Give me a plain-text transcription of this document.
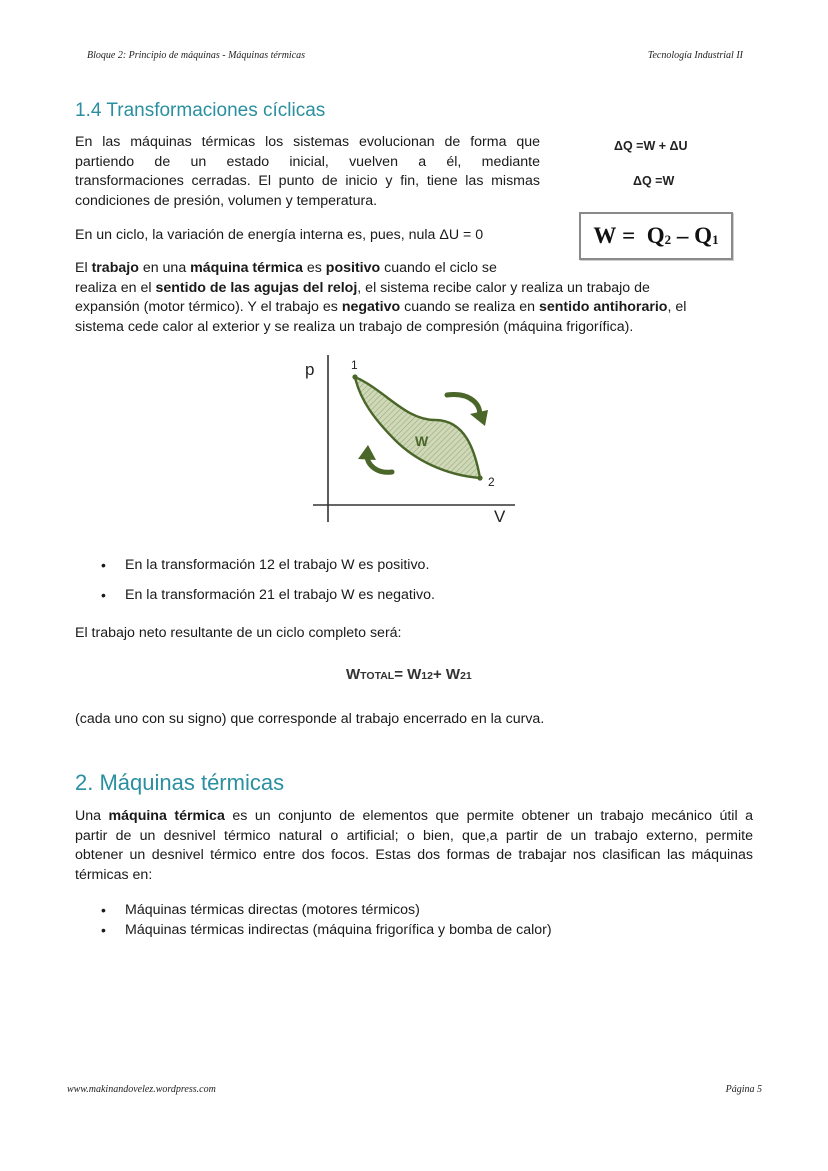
Bloque 2: Principio de máquinas - Máquinas térmicas	Tecnología Industrial II
1.4 Transformaciones cíclicas
En las máquinas térmicas los sistemas evolucionan de forma que
partiendo de un estado inicial, vuelven a él, mediante
transformaciones cerradas. El punto de inicio y fin, tiene las mismas
condiciones de presión, volumen y temperatura.
ΔQ =W + ΔU
ΔQ =W
En un ciclo, la variación de energía interna es, pues, nula ΔU = 0	W
=
$Q_2$
–
$Q_1$
El trabajo en una máquina térmica es positivo cuando el ciclo se
realiza en el sentido de las agujas del reloj, el sistema recibe calor y realiza un trabajo de
expansión (motor térmico). Y el trabajo es negativo cuando se realiza en sentido antihorario, el
sistema cede calor al exterior y se realiza un trabajo de compresión (máquina frigorífica).
p
V
1
2
W
• En la transformación 12 el trabajo W es positivo.
• En la transformación 21 el trabajo W es negativo.
El trabajo neto resultante de un ciclo completo será:
WTOTAL= W12+ W21
(cada uno con su signo) que corresponde al trabajo encerrado en la curva.
2. Máquinas térmicas
Una máquina térmica es un conjunto de elementos que permite obtener un trabajo mecánico útil a
partir de un desnivel térmico natural o artificial; o bien, que,a partir de un trabajo externo, permite
obtener un desnivel térmico entre dos focos. Estas dos formas de trabajar nos clasifican las máquinas
térmicas en:
• Máquinas térmicas directas (motores térmicos)
• Máquinas térmicas indirectas (máquina frigorífica y bomba de calor)
www.makinandovelez.wordpress.com	Página 5
